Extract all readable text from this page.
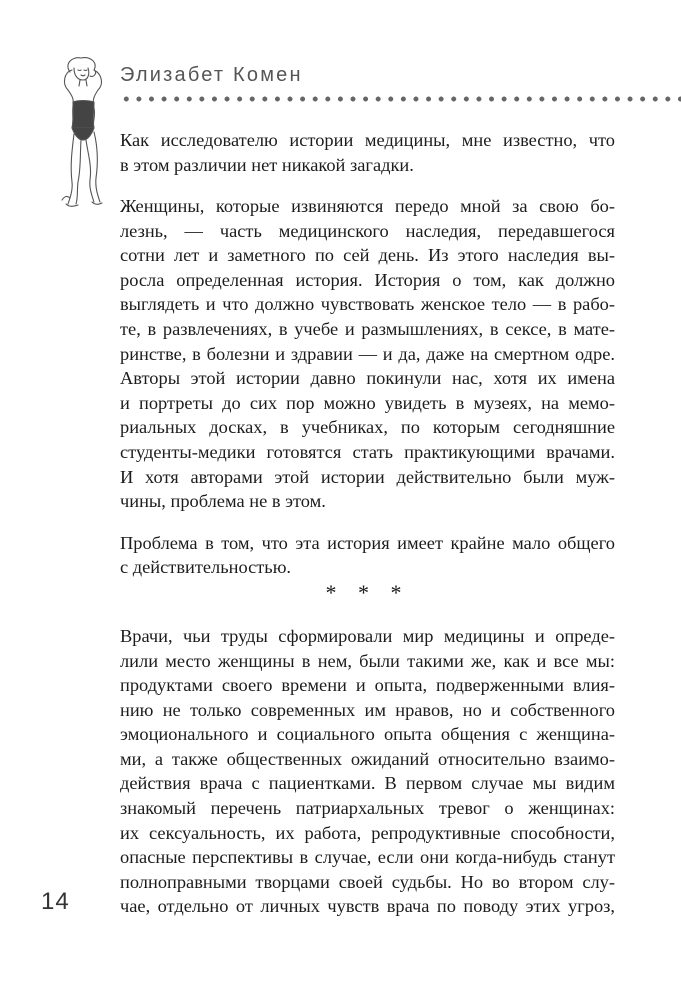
Элизабет Комен

Как исследователю истории медицины, мне известно, что
в этом различии нет никакой загадки.

Женщины, которые извиняются передо мной за свою бо-
лезнь, — часть медицинского наследия, передавшегося
сотни лет и заметного по сей день. Из этого наследия вы-
росла определенная история. История о том, как должно
выглядеть и что должно чувствовать женское тело — в рабо-
те, в развлечениях, в учебе и размышлениях, в сексе, в мате-
ринстве, в болезни и здравии — и да, даже на смертном одре.
Авторы этой истории давно покинули нас, хотя их имена
и портреты до сих пор можно увидеть в музеях, на мемо-
риальных досках, в учебниках, по которым сегодняшние
студенты-медики готовятся стать практикующими врачами.
И хотя авторами этой истории действительно были муж-
чины, проблема не в этом.

Проблема в том, что эта история имеет крайне мало общего
с действительностью.

Врачи, чьи труды сформировали мир медицины и опреде-
лили место женщины в нем, были такими же, как и все мы:
продуктами своего времени и опыта, подверженными влия-
нию не только современных им нравов, но и собственного
эмоционального и социального опыта общения с женщина-
ми, а также общественных ожиданий относительно взаимо-
действия врача с пациентками. В первом случае мы видим
знакомый перечень патриархальных тревог о женщинах:
их сексуальность, их работа, репродуктивные способности,
опасные перспективы в случае, если они когда-нибудь станут
полноправными творцами своей судьбы. Но во втором слу-
чае, отдельно от личных чувств врача по поводу этих угроз,

* * *
14
